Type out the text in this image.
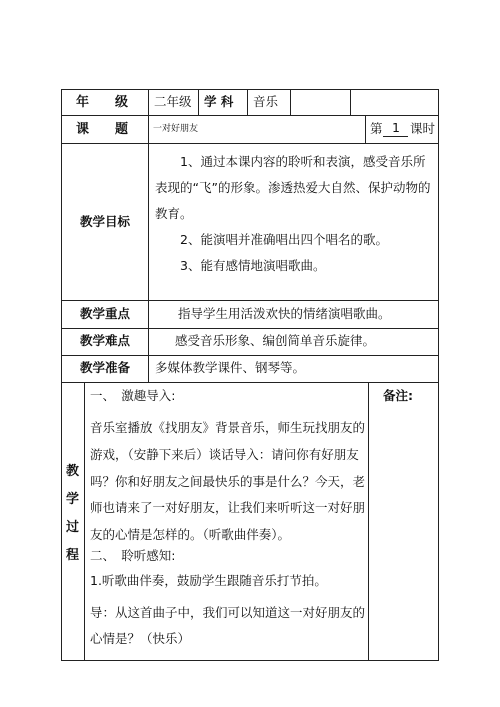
年　　级 二年级 学 科 音乐
课　　题	一对好朋友	第 1 课时
教学目标
1、通过本课内容的聆听和表演，感受音乐所表现的“飞”的形象。渗透热爱大自然、保护动物的教育。
2、能演唱并准确唱出四个唱名的歌。
3、能有感情地演唱歌曲。
教学重点	指导学生用活泼欢快的情绪演唱歌曲。
教学难点	感受音乐形象、编创简单音乐旋律。
教学准备 多媒体教学课件、钢琴等。
教
学
过
程
备注:
一、　激趣导入:
音乐室播放《找朋友》背景音乐，师生玩找朋友的游戏，（安静下来后）谈话导入：请问你有好朋友吗？你和好朋友之间最快乐的事是什么？今天，老师也请来了一对好朋友，让我们来听听这一对好朋友的心情是怎样的。（听歌曲伴奏）。
二、　聆听感知:
1.听歌曲伴奏，鼓励学生跟随音乐打节拍。
导：从这首曲子中，我们可以知道这一对好朋友的心情是？（快乐）
